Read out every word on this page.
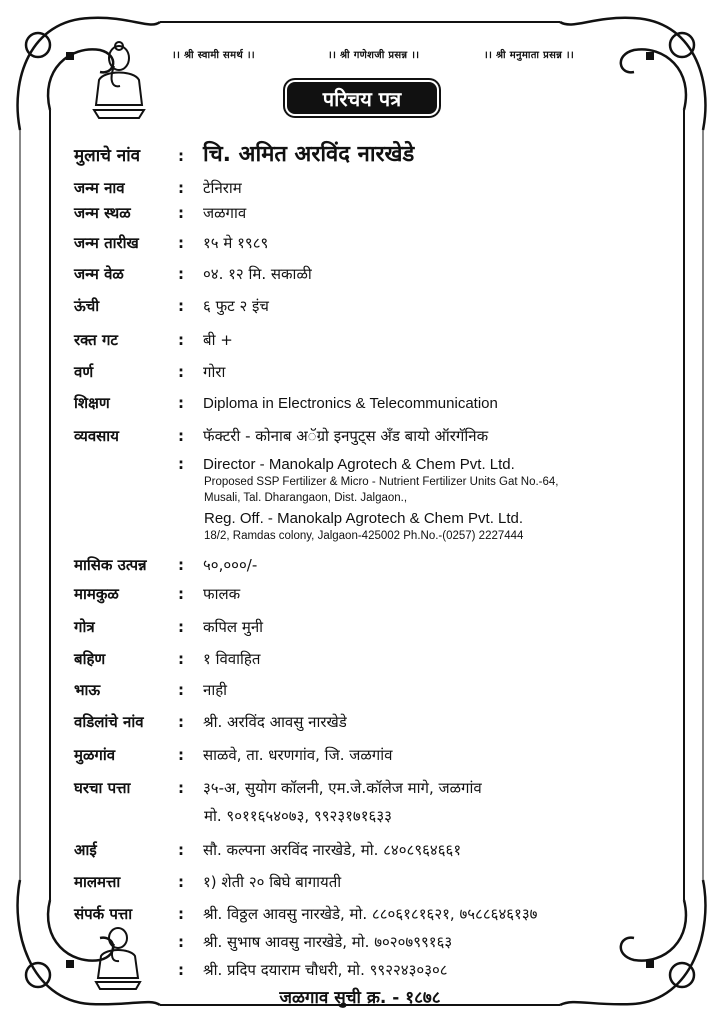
।। श्री स्वामी समर्थ ।।	।। श्री गणेशजी प्रसन्न ।।	।। श्री मनुमाता प्रसन्न ।।
परिचय पत्र
मुलाचे नांव	: चि. अमित अरविंद नारखेडे
जन्म नाव	:	टेनिराम
जन्म स्थळ	:	जळगाव
जन्म तारीख	:	१५ मे १९८९
जन्म वेळ	:	०४. १२ मि. सकाळी
ऊंची	:	६ फुट २ इंच
रक्त गट	:	बी +
वर्ण	:	गोरा
शिक्षण	:	Diploma in Electronics & Telecommunication
व्यवसाय	:	फॅक्टरी - कोनाब अॅग्रो इनपुट्स अँड बायो ऑरगॅनिक
:	Director - Manokalp Agrotech & Chem Pvt. Ltd.
Proposed SSP Fertilizer & Micro - Nutrient Fertilizer Units Gat No.-64,
Musali, Tal. Dharangaon, Dist. Jalgaon.,
Reg. Off. - Manokalp Agrotech & Chem Pvt. Ltd.
18/2, Ramdas colony, Jalgaon-425002 Ph.No.-(0257) 2227444
मासिक उत्पन्न	:	५०,०००/-
मामकुळ	:	फालक
गोत्र	:	कपिल मुनी
बहिण	:	१ विवाहित
भाऊ	:	नाही
वडिलांचे नांव	:	श्री. अरविंद आवसु नारखेडे
मुळगांव	:	साळवे, ता. धरणगांव, जि. जळगांव
घरचा पत्ता	:	३५-अ, सुयोग कॉलनी, एम.जे.कॉलेज मागे, जळगांव
मो. ९०११६५४०७३, ९९२३१७१६३३
आई	:	सौ. कल्पना अरविंद नारखेडे, मो. ८४०८९६४६६१
मालमत्ता	:	१) शेती २० बिघे बागायती
संपर्क पत्ता	:	श्री. विठ्ठल आवसु नारखेडे, मो. ८८०६१८१६२१, ७५८८६४६१३७
:	श्री. सुभाष आवसु नारखेडे, मो. ७०२०७९९१६३
:	श्री. प्रदिप दयाराम चौधरी, मो. ९९२२४३०३०८
जळगाव सुची क्र. - १८७८
